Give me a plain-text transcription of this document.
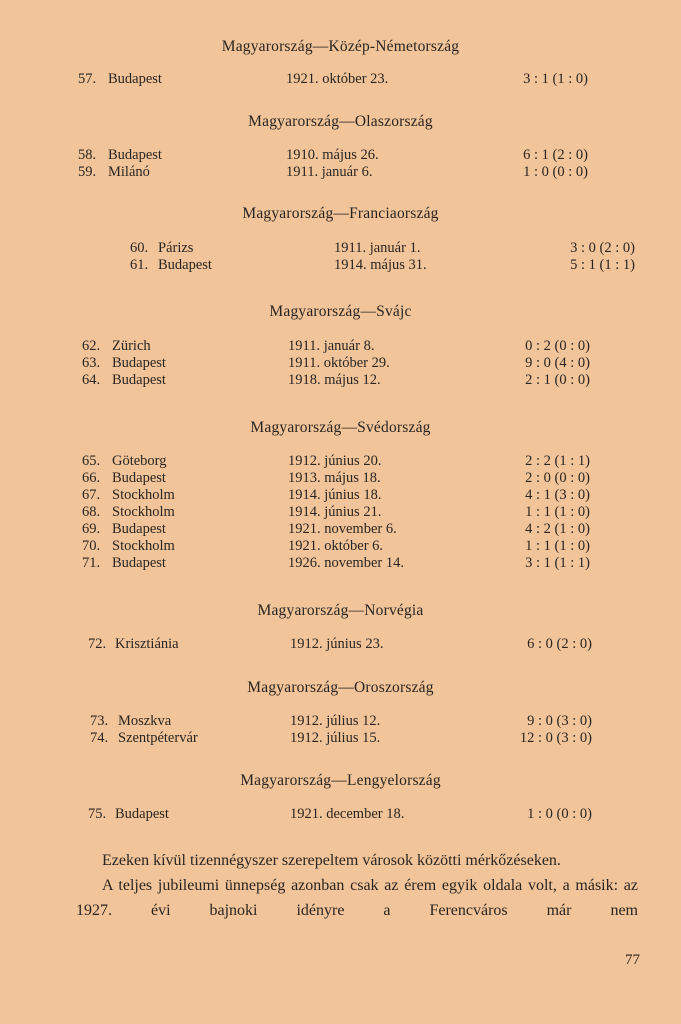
Magyarország—Közép-Németország
57. Budapest	1921. október 23.	3 : 1 (1 : 0)
Magyarország—Olaszország
58. Budapest	1910. május 26.	6 : 1 (2 : 0)
59. Milánó	1911. január 6.	1 : 0 (0 : 0)
Magyarország—Franciaország
60. Párizs	1911. január 1.	3 : 0 (2 : 0)
61. Budapest	1914. május 31.	5 : 1 (1 : 1)
Magyarország—Svájc
62. Zürich	1911. január 8.	0 : 2 (0 : 0)
63. Budapest	1911. október 29.	9 : 0 (4 : 0)
64. Budapest	1918. május 12.	2 : 1 (0 : 0)
Magyarország—Svédország
65. Göteborg	1912. június 20.	2 : 2 (1 : 1)
66. Budapest	1913. május 18.	2 : 0 (0 : 0)
67. Stockholm	1914. június 18.	4 : 1 (3 : 0)
68. Stockholm	1914. június 21.	1 : 1 (1 : 0)
69. Budapest	1921. november 6.	4 : 2 (1 : 0)
70. Stockholm	1921. október 6.	1 : 1 (1 : 0)
71. Budapest	1926. november 14.	3 : 1 (1 : 1)
Magyarország—Norvégia
72. Krisztiánia	1912. június 23.	6 : 0 (2 : 0)
Magyarország—Oroszország
73. Moszkva	1912. július 12.	9 : 0 (3 : 0)
74. Szentpétervár	1912. július 15.	12 : 0 (3 : 0)
Magyarország—Lengyelország
75. Budapest	1921. december 18.	1 : 0 (0 : 0)

Ezeken kívül tizennégyszer szerepeltem városok közötti mérkőzéseken.

A teljes jubileumi ünnepség azonban csak az érem egyik oldala volt, a másik: az 1927. évi bajnoki idényre a Ferencváros már nem

77
